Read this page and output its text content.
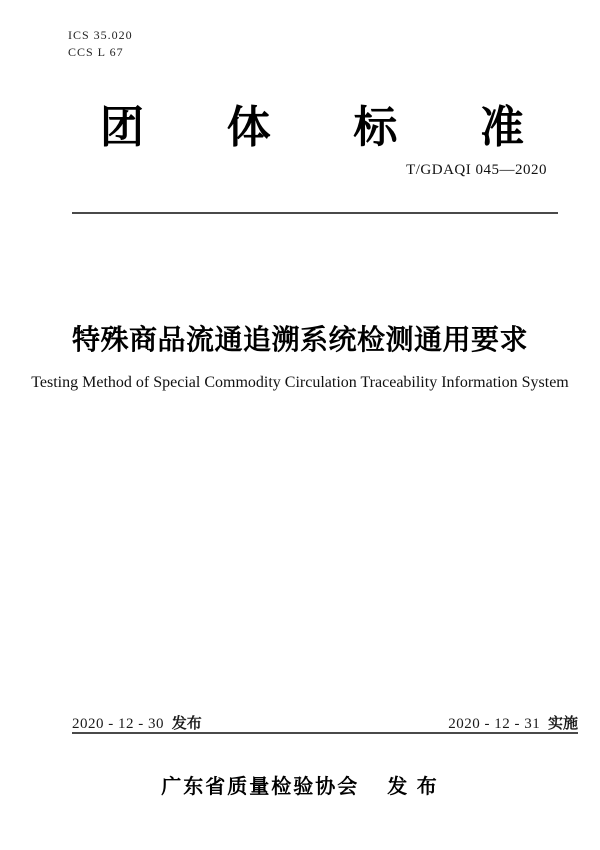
ICS 35.020
CCS L 67
团 体 标 准
T/GDAQI 045—2020
特殊商品流通追溯系统检测通用要求
Testing Method of Special Commodity Circulation Traceability Information System
2020 - 12 - 30 发布	2020 - 12 - 31 实施
广东省质量检验协会 发 布
